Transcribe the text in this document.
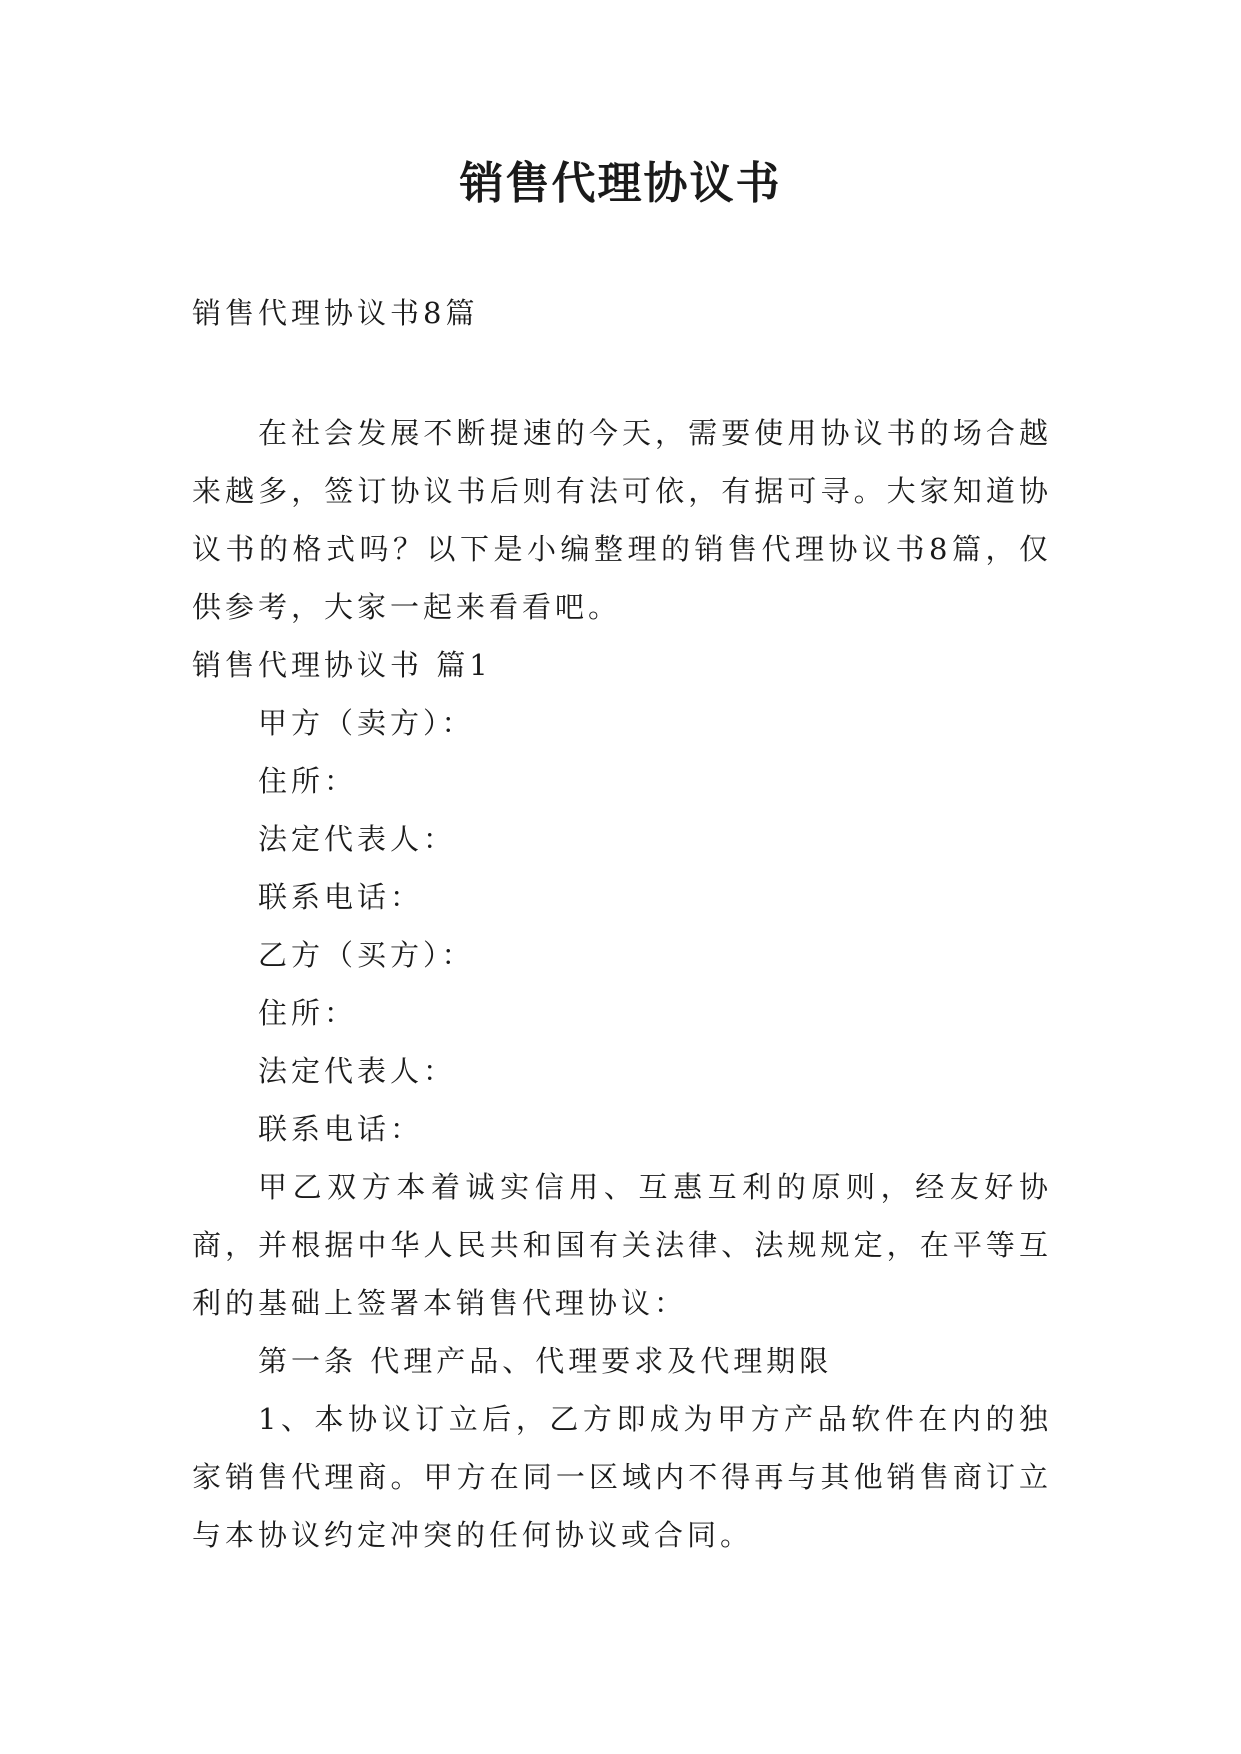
销售代理协议书
销售代理协议书8篇

在社会发展不断提速的今天，需要使用协议书的场合越来越多，签订协议书后则有法可依，有据可寻。大家知道协议书的格式吗？以下是小编整理的销售代理协议书8篇，仅供参考，大家一起来看看吧。

销售代理协议书 篇1

甲方（卖方）：

住所：

法定代表人：

联系电话：

乙方（买方）：

住所：

法定代表人：

联系电话：

甲乙双方本着诚实信用、互惠互利的原则，经友好协商，并根据中华人民共和国有关法律、法规规定，在平等互利的基础上签署本销售代理协议：

第一条 代理产品、代理要求及代理期限

1、本协议订立后，乙方即成为甲方产品软件在内的独家销售代理商。甲方在同一区域内不得再与其他销售商订立与本协议约定冲突的任何协议或合同。
